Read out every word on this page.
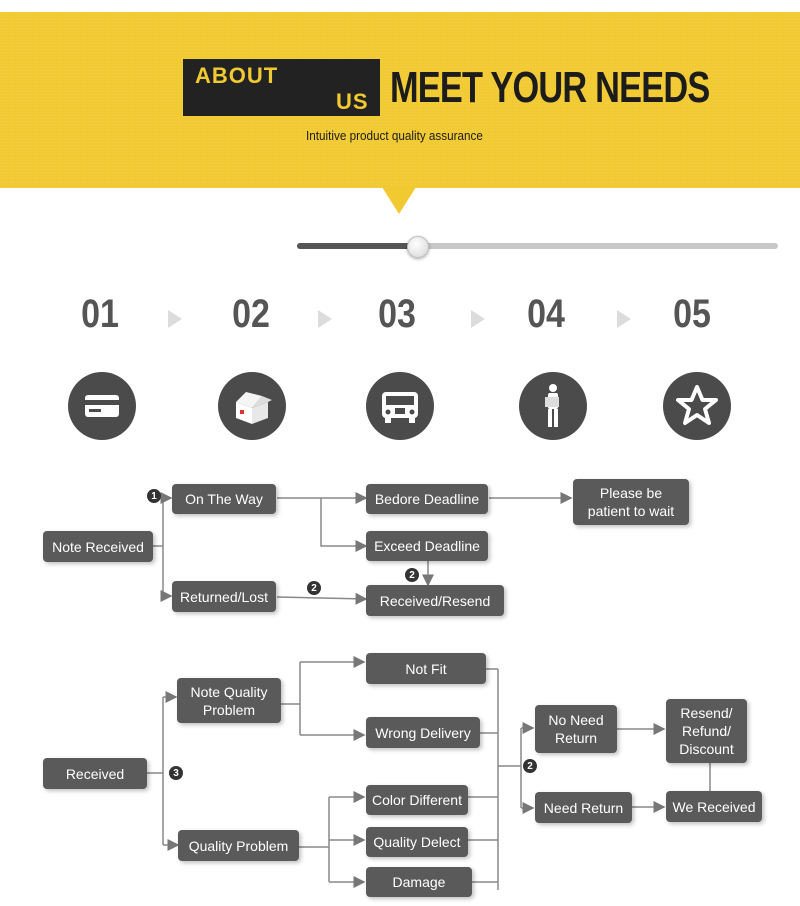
ABOUT
US MEET YOUR NEEDS
Intuitive product quality assurance
01	02	03	04	05
Note Received
On The Way
Returned/Lost
Bedore Deadline
Exceed Deadline
Received/Resend
Please be patient to wait
1
2
2
Received
Note Quality Problem
Quality Problem
Not Fit
Wrong Delivery
Color Different
Quality Delect
Damage
No Need Return
Need Return
Resend/ Refund/ Discount
We Received
3
2
